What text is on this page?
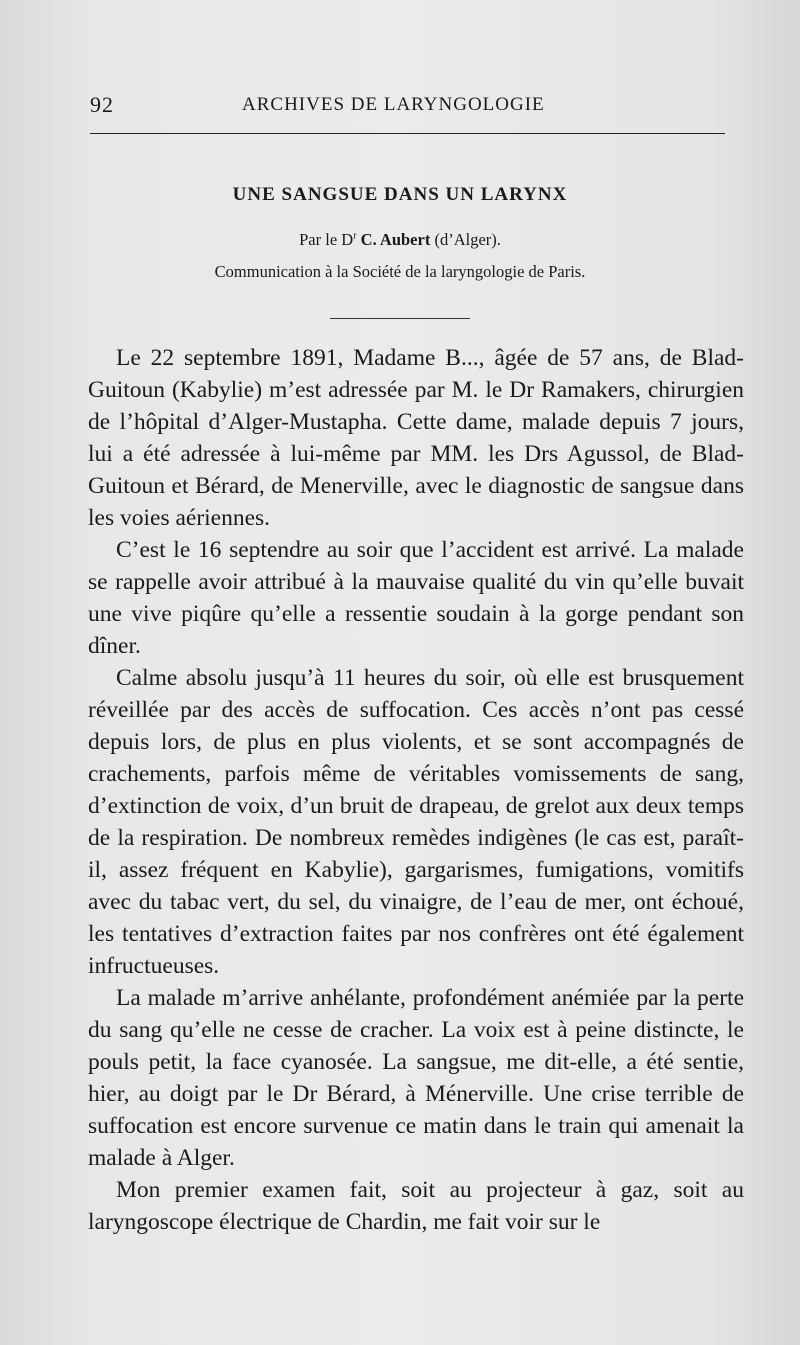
92	ARCHIVES DE LARYNGOLOGIE
UNE SANGSUE DANS UN LARYNX
Par le $D^r$ C. Aubert (d’Alger).
Communication à la Société de la laryngologie de Paris.

Le 22 septembre 1891, Madame B..., âgée de 57 ans, de Blad-Guitoun (Kabylie) m’est adressée par M. le Dr Ramakers, chirurgien de l’hôpital d’Alger-Mustapha. Cette dame, malade depuis 7 jours, lui a été adressée à lui-même par MM. les Drs Agussol, de Blad-Guitoun et Bérard, de Menerville, avec le diagnostic de sangsue dans les voies aériennes.

C’est le 16 septendre au soir que l’accident est arrivé. La malade se rappelle avoir attribué à la mauvaise qualité du vin qu’elle buvait une vive piqûre qu’elle a ressentie soudain à la gorge pendant son dîner.

Calme absolu jusqu’à 11 heures du soir, où elle est brusquement réveillée par des accès de suffocation. Ces accès n’ont pas cessé depuis lors, de plus en plus violents, et se sont accompagnés de crachements, parfois même de véritables vomissements de sang, d’extinction de voix, d’un bruit de drapeau, de grelot aux deux temps de la respiration. De nombreux remèdes indigènes (le cas est, paraît-il, assez fréquent en Kabylie), gargarismes, fumigations, vomitifs avec du tabac vert, du sel, du vinaigre, de l’eau de mer, ont échoué, les tentatives d’extraction faites par nos confrères ont été également infructueuses.

La malade m’arrive anhélante, profondément anémiée par la perte du sang qu’elle ne cesse de cracher. La voix est à peine distincte, le pouls petit, la face cyanosée. La sangsue, me dit-elle, a été sentie, hier, au doigt par le Dr Bérard, à Ménerville. Une crise terrible de suffocation est encore survenue ce matin dans le train qui amenait la malade à Alger.

Mon premier examen fait, soit au projecteur à gaz, soit au laryngoscope électrique de Chardin, me fait voir sur le
